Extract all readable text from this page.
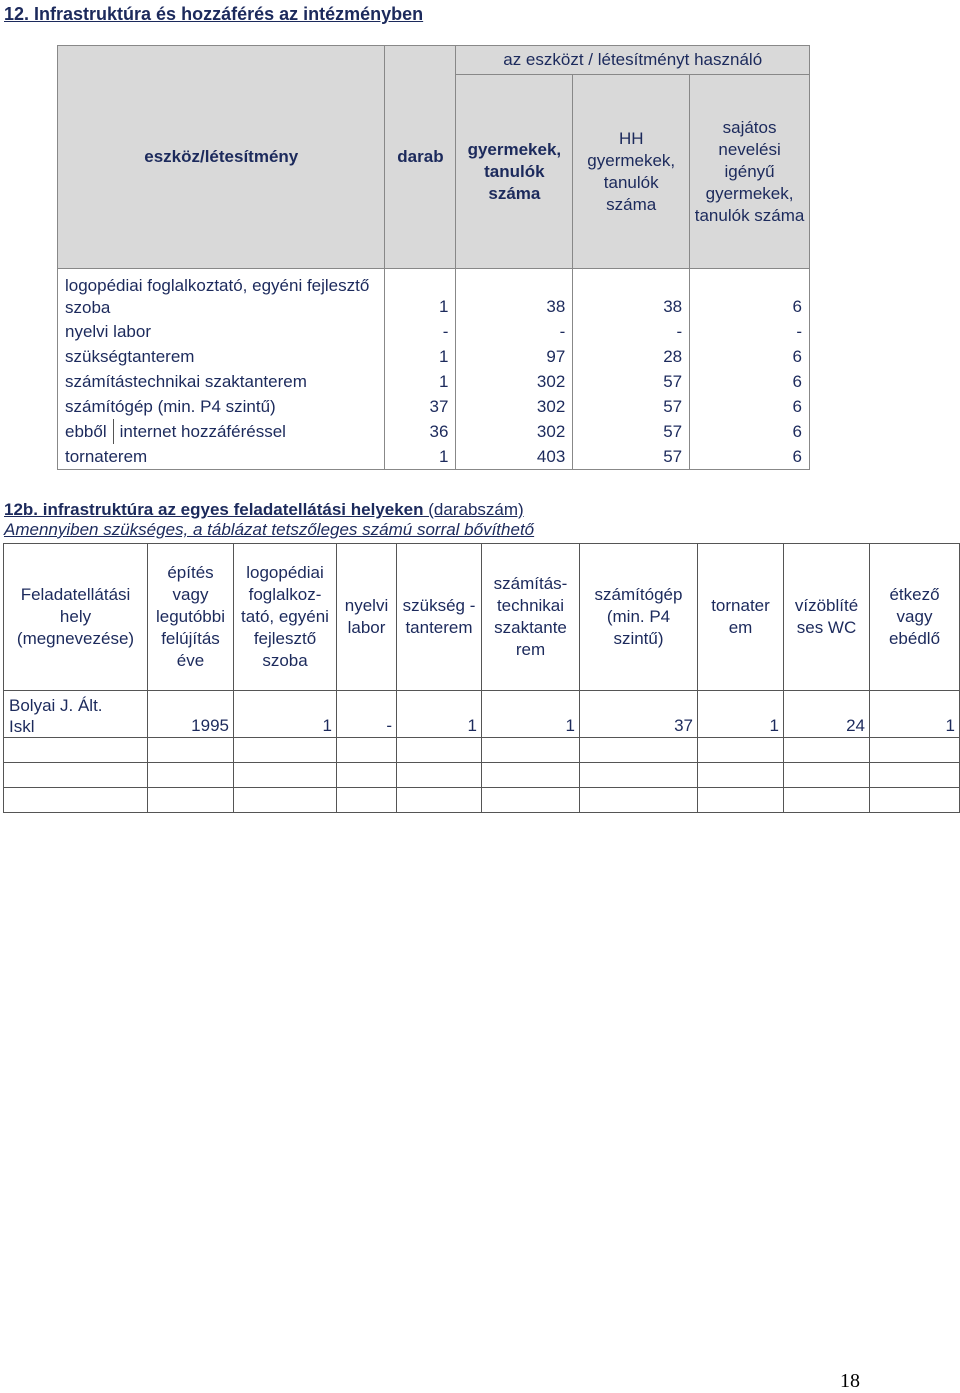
12. Infrastruktúra és hozzáférés az intézményben
eszköz/létesítmény	darab	az eszközt / létesítményt használó		
		gyermekek, tanulók száma	HH gyermekek, tanulók száma	sajátos nevelési igényű gyermekek, tanulók száma
logopédiai foglalkoztató, egyéni fejlesztő szoba	1	38	38	6
nyelvi labor	-	-	-	-
szükségtanterem	1	97	28	6
számítástechnikai szaktanterem	1	302	57	6
számítógép (min. P4 szintű)	37	302	57	6
ebből internet hozzáféréssel	36	302	57	6
tornaterem	1	403	57	6
12b. infrastruktúra az egyes feladatellátási helyeken (darabszám)
Amennyiben szükséges, a táblázat tetszőleges számú sorral bővíthető
Feladatellátási hely (megnevezése)	építés vagy legutóbbi felújítás éve	logopédiai foglalkoz-tató, egyéni fejlesztő szoba	nyelvi labor	szükség - tanterem	számítás-technikai szaktante rem	számítógép (min. P4 szintű)	tornater em	vízöblíté ses WC	étkező vagy ebédlő

Bolyai J. Ált.
Iskl	1995	1	-	1	1	37	1	24	1

18
